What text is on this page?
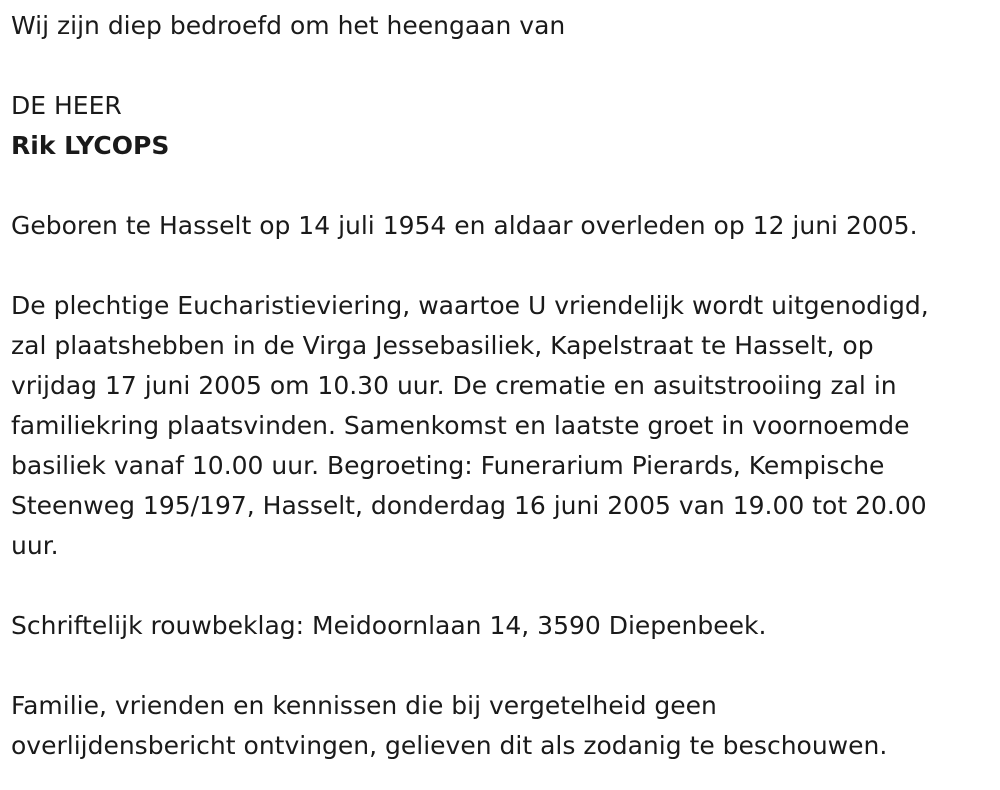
Wij zijn diep bedroefd om het heengaan van

DE HEER

Rik LYCOPS

Geboren te Hasselt op 14 juli 1954 en aldaar overleden op 12 juni 2005.

De plechtige Eucharistieviering, waartoe U vriendelijk wordt uitgenodigd,

zal plaatshebben in de Virga Jessebasiliek, Kapelstraat te Hasselt, op

vrijdag 17 juni 2005 om 10.30 uur. De crematie en asuitstrooiing zal in

familiekring plaatsvinden. Samenkomst en laatste groet in voornoemde

basiliek vanaf 10.00 uur. Begroeting: Funerarium Pierards, Kempische

Steenweg 195/197, Hasselt, donderdag 16 juni 2005 van 19.00 tot 20.00

uur.

Schriftelijk rouwbeklag: Meidoornlaan 14, 3590 Diepenbeek.

Familie, vrienden en kennissen die bij vergetelheid geen

overlijdensbericht ontvingen, gelieven dit als zodanig te beschouwen.
